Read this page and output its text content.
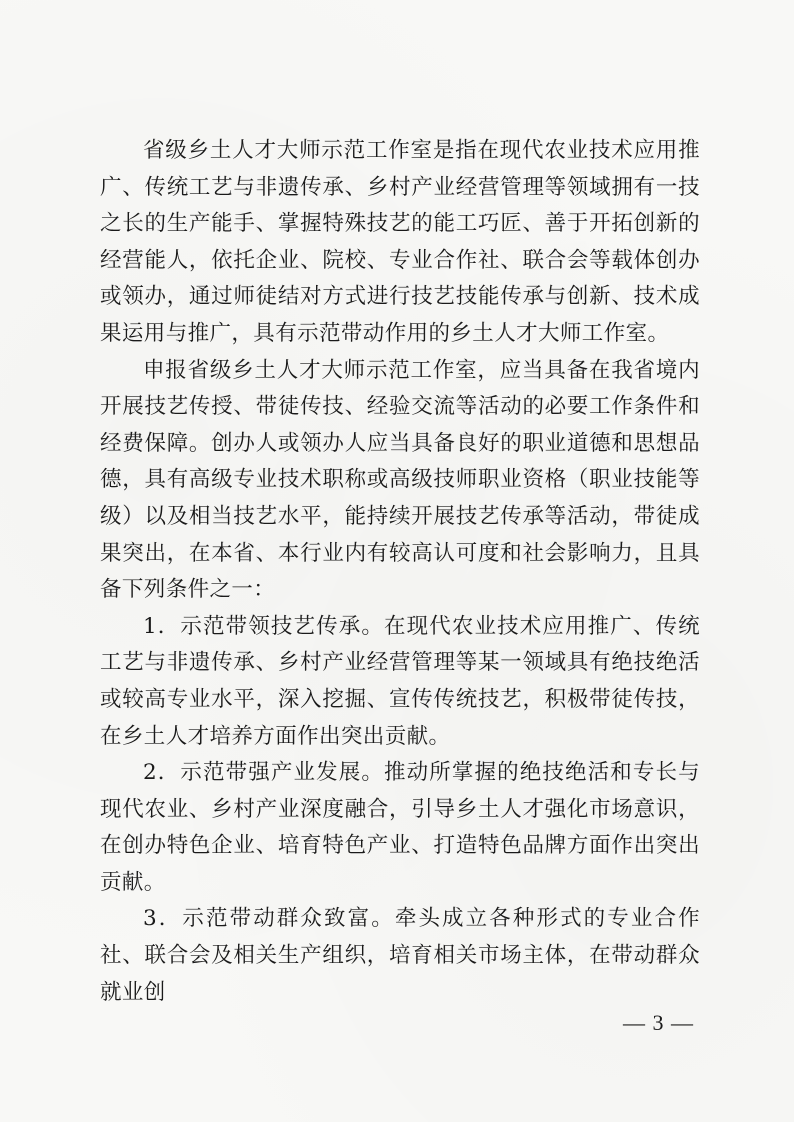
省级乡土人才大师示范工作室是指在现代农业技术应用推广、传统工艺与非遗传承、乡村产业经营管理等领域拥有一技之长的生产能手、掌握特殊技艺的能工巧匠、善于开拓创新的经营能人，依托企业、院校、专业合作社、联合会等载体创办或领办，通过师徒结对方式进行技艺技能传承与创新、技术成果运用与推广，具有示范带动作用的乡土人才大师工作室。

申报省级乡土人才大师示范工作室，应当具备在我省境内开展技艺传授、带徒传技、经验交流等活动的必要工作条件和经费保障。创办人或领办人应当具备良好的职业道德和思想品德，具有高级专业技术职称或高级技师职业资格（职业技能等级）以及相当技艺水平，能持续开展技艺传承等活动，带徒成果突出，在本省、本行业内有较高认可度和社会影响力，且具备下列条件之一：

1．示范带领技艺传承。在现代农业技术应用推广、传统工艺与非遗传承、乡村产业经营管理等某一领域具有绝技绝活或较高专业水平，深入挖掘、宣传传统技艺，积极带徒传技，在乡土人才培养方面作出突出贡献。

2．示范带强产业发展。推动所掌握的绝技绝活和专长与现代农业、乡村产业深度融合，引导乡土人才强化市场意识，在创办特色企业、培育特色产业、打造特色品牌方面作出突出贡献。

3．示范带动群众致富。牵头成立各种形式的专业合作社、联合会及相关生产组织，培育相关市场主体，在带动群众就业创

— 3 —
